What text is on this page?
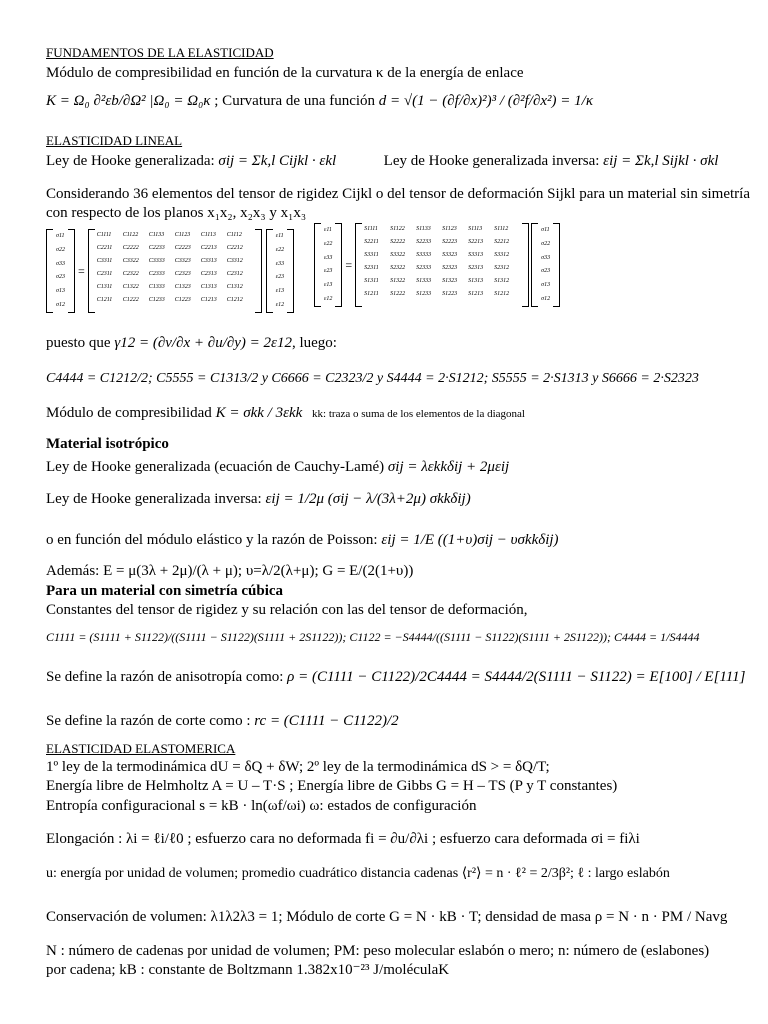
FUNDAMENTOS DE LA ELASTICIDAD
Módulo de compresibilidad en función de la curvatura κ de la energía de enlace
K = Ω₀ ∂²εb/∂Ω² |Ω₀ = Ω₀κ ; Curvatura de una función d = √(1 − (∂f/∂x)²)³ / (∂²f/∂x²) = 1/κ
ELASTICIDAD LINEAL
Ley de Hooke generalizada: σij = Σk,l Cijkl · εkl	Ley de Hooke generalizada inversa: εij = Σk,l Sijkl · σkl
Considerando 36 elementos del tensor de rigidez Cijkl o del tensor de deformación Sijkl para un material sin simetría
con respecto de los planos x₁x₂, x₂x₃ y x₁x₃
σ11
σ22
σ33
σ23
σ13
σ12
=
C1111	C1122	C1133	C1123	C1113	C1112
C2211	C2222	C2233	C2223	C2213	C2212
C3311	C3322	C3333	C3323	C3313	C3312
C2311	C2322	C2333	C2323	C2313	C2312
C1311	C1322	C1333	C1323	C1313	C1312
C1211	C1222	C1233	C1223	C1213	C1212
ε11
ε22
ε33
ε23
ε13
ε12
ε11
ε22
ε33
ε23
ε13
ε12
=
S1111	S1122	S1133	S1123	S1113	S1112
S2211	S2222	S2233	S2223	S2213	S2212
S3311	S3322	S3333	S3323	S3313	S3312
S2311	S2322	S2333	S2323	S2313	S2312
S1311	S1322	S1333	S1323	S1313	S1312
S1211	S1222	S1233	S1223	S1213	S1212
σ11
σ22
σ33
σ23
σ13
σ12
puesto que γ12 = (∂v/∂x + ∂u/∂y) = 2ε12, luego:
C4444 = C1212/2; C5555 = C1313/2 y C6666 = C2323/2 y S4444 = 2·S1212; S5555 = 2·S1313 y S6666 = 2·S2323
Módulo de compresibilidad K = σkk / 3εkk kk: traza o suma de los elementos de la diagonal
Material isotrópico
Ley de Hooke generalizada (ecuación de Cauchy-Lamé) σij = λεkkδij + 2μεij
Ley de Hooke generalizada inversa: εij = 1/2μ (σij − λ/(3λ+2μ) σkkδij)
o en función del módulo elástico y la razón de Poisson: εij = 1/E ((1+υ)σij − υσkkδij)
Además: E = μ(3λ + 2μ)/(λ + μ); υ=λ/2(λ+μ); G = E/(2(1+υ))
Para un material con simetría cúbica
Constantes del tensor de rigidez y su relación con las del tensor de deformación,
C1111 = (S1111 + S1122)/((S1111 − S1122)(S1111 + 2S1122)); C1122 = −S4444/((S1111 − S1122)(S1111 + 2S1122)); C4444 = 1/S4444
Se define la razón de anisotropía como: ρ = (C1111 − C1122)/2C4444 = S4444/2(S1111 − S1122) = E[100] / E[111]
Se define la razón de corte como : rc = (C1111 − C1122)/2
ELASTICIDAD ELASTOMERICA
1º ley de la termodinámica dU = δQ + δW; 2º ley de la termodinámica dS > = δQ/T;
Energía libre de Helmholtz A = U – T·S ; Energía libre de Gibbs G = H – TS (P y T constantes)
Entropía configuracional s = kB · ln(ωf/ωi) ω: estados de configuración
Elongación : λi = ℓi/ℓ0 ; esfuerzo cara no deformada fi = ∂u/∂λi ; esfuerzo cara deformada σi = fiλi
u: energía por unidad de volumen; promedio cuadrático distancia cadenas ⟨r²⟩ = n · ℓ² = 2/3β²; ℓ : largo eslabón
Conservación de volumen: λ1λ2λ3 = 1; Módulo de corte G = N · kB · T; densidad de masa ρ = N · n · PM / Navg
N : número de cadenas por unidad de volumen; PM: peso molecular eslabón o mero; n: número de (eslabones)
por cadena; kB : constante de Boltzmann 1.382x10⁻²³ J/moléculaK
